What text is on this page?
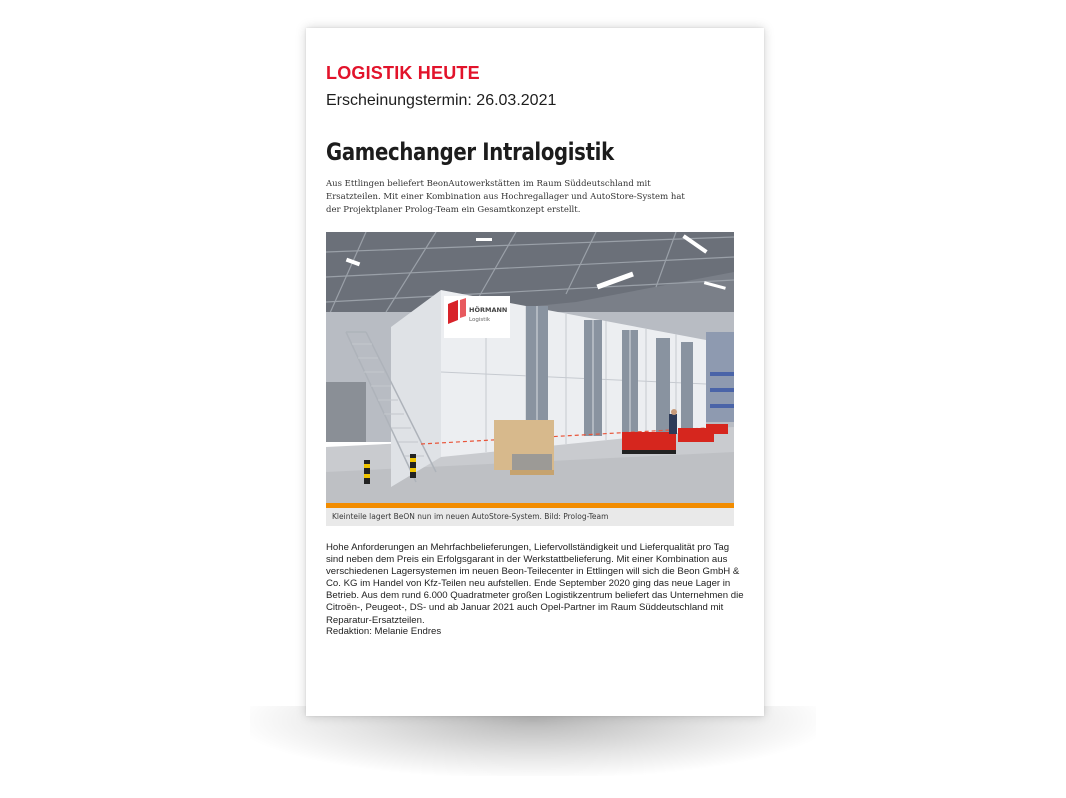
LOGISTIK HEUTE

Erscheinungstermin: 26.03.2021

Gamechanger Intralogistik

Aus Ettlingen beliefert BeonAutowerkstätten im Raum Süddeutschland mit Ersatzteilen. Mit einer Kombination aus Hochregallager und AutoStore-System hat der Projektplaner Prolog-Team ein Gesamtkonzept erstellt.

HÖRMANN
Logistik

Kleinteile lagert BeON nun im neuen AutoStore-System. Bild: Prolog-Team

Hohe Anforderungen an Mehrfachbelieferungen, Liefervollständigkeit und Lieferqualität pro Tag sind neben dem Preis ein Erfolgsgarant in der Werkstattbelieferung. Mit einer Kombination aus verschiedenen Lagersystemen im neuen Beon-Teilecenter in Ettlingen will sich die Beon GmbH & Co. KG im Handel von Kfz-Teilen neu aufstellen. Ende September 2020 ging das neue Lager in Betrieb. Aus dem rund 6.000 Quadratmeter großen Logistikzentrum beliefert das Unternehmen die Citroën-, Peugeot-, DS- und ab Januar 2021 auch Opel-Partner im Raum Süddeutschland mit Reparatur-Ersatzteilen.

Redaktion: Melanie Endres
